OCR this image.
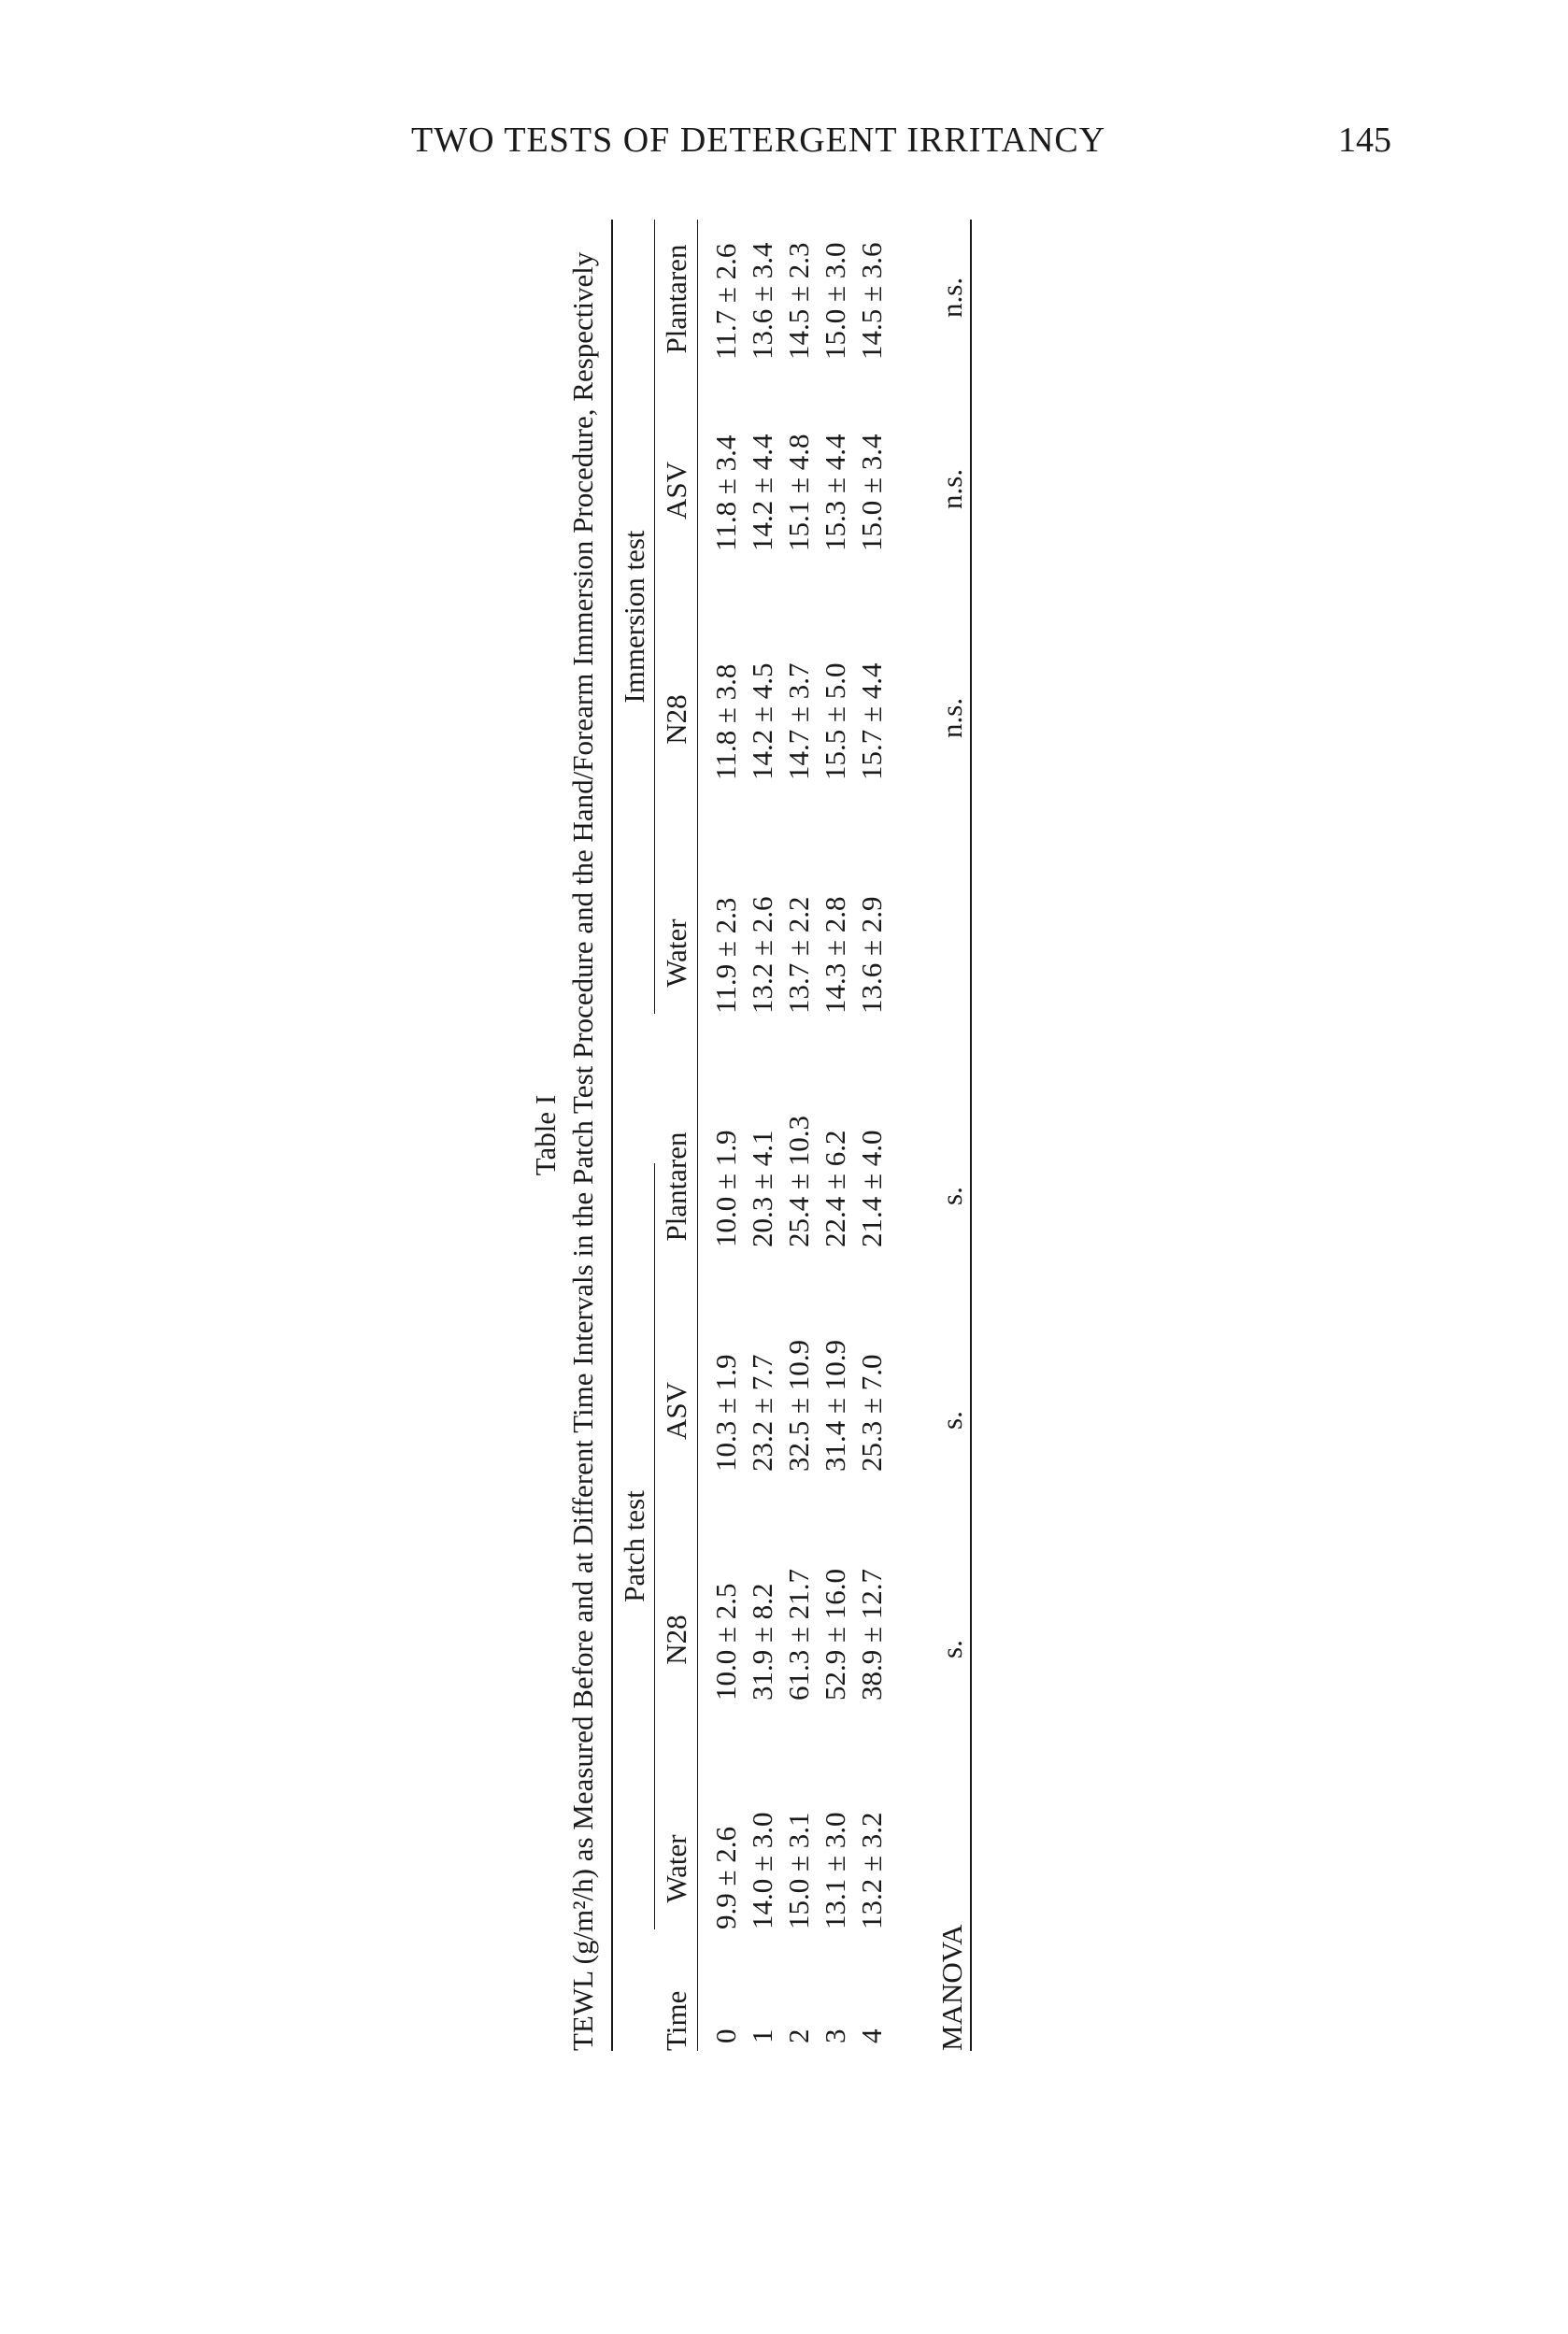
TWO TESTS OF DETERGENT IRRITANCY	145
Table I TEWL (g/m²/h) as Measured Before and at Different Time Intervals in the Patch Test Procedure and the Hand/Forearm Immersion Procedure, Respectively Patch test
Immersion test
Time
Water
N28
ASV
Plantaren
Water
N28
ASV
Plantaren
0
9.9 ± 2.6
10.0 ± 2.5
10.3 ± 1.9
10.0 ± 1.9
11.9 ± 2.3
11.8 ± 3.8
11.8 ± 3.4
11.7 ± 2.6
1
14.0 ± 3.0
31.9 ± 8.2
23.2 ± 7.7
20.3 ± 4.1
13.2 ± 2.6
14.2 ± 4.5
14.2 ± 4.4
13.6 ± 3.4
2
15.0 ± 3.1
61.3 ± 21.7
32.5 ± 10.9
25.4 ± 10.3
13.7 ± 2.2
14.7 ± 3.7
15.1 ± 4.8
14.5 ± 2.3
3
13.1 ± 3.0
52.9 ± 16.0
31.4 ± 10.9
22.4 ± 6.2
14.3 ± 2.8
15.5 ± 5.0
15.3 ± 4.4
15.0 ± 3.0
4
13.2 ± 3.2
38.9 ± 12.7
25.3 ± 7.0
21.4 ± 4.0
13.6 ± 2.9
15.7 ± 4.4
15.0 ± 3.4
14.5 ± 3.6
MANOVA
s.
s.
s.
n.s.
n.s.
n.s.
